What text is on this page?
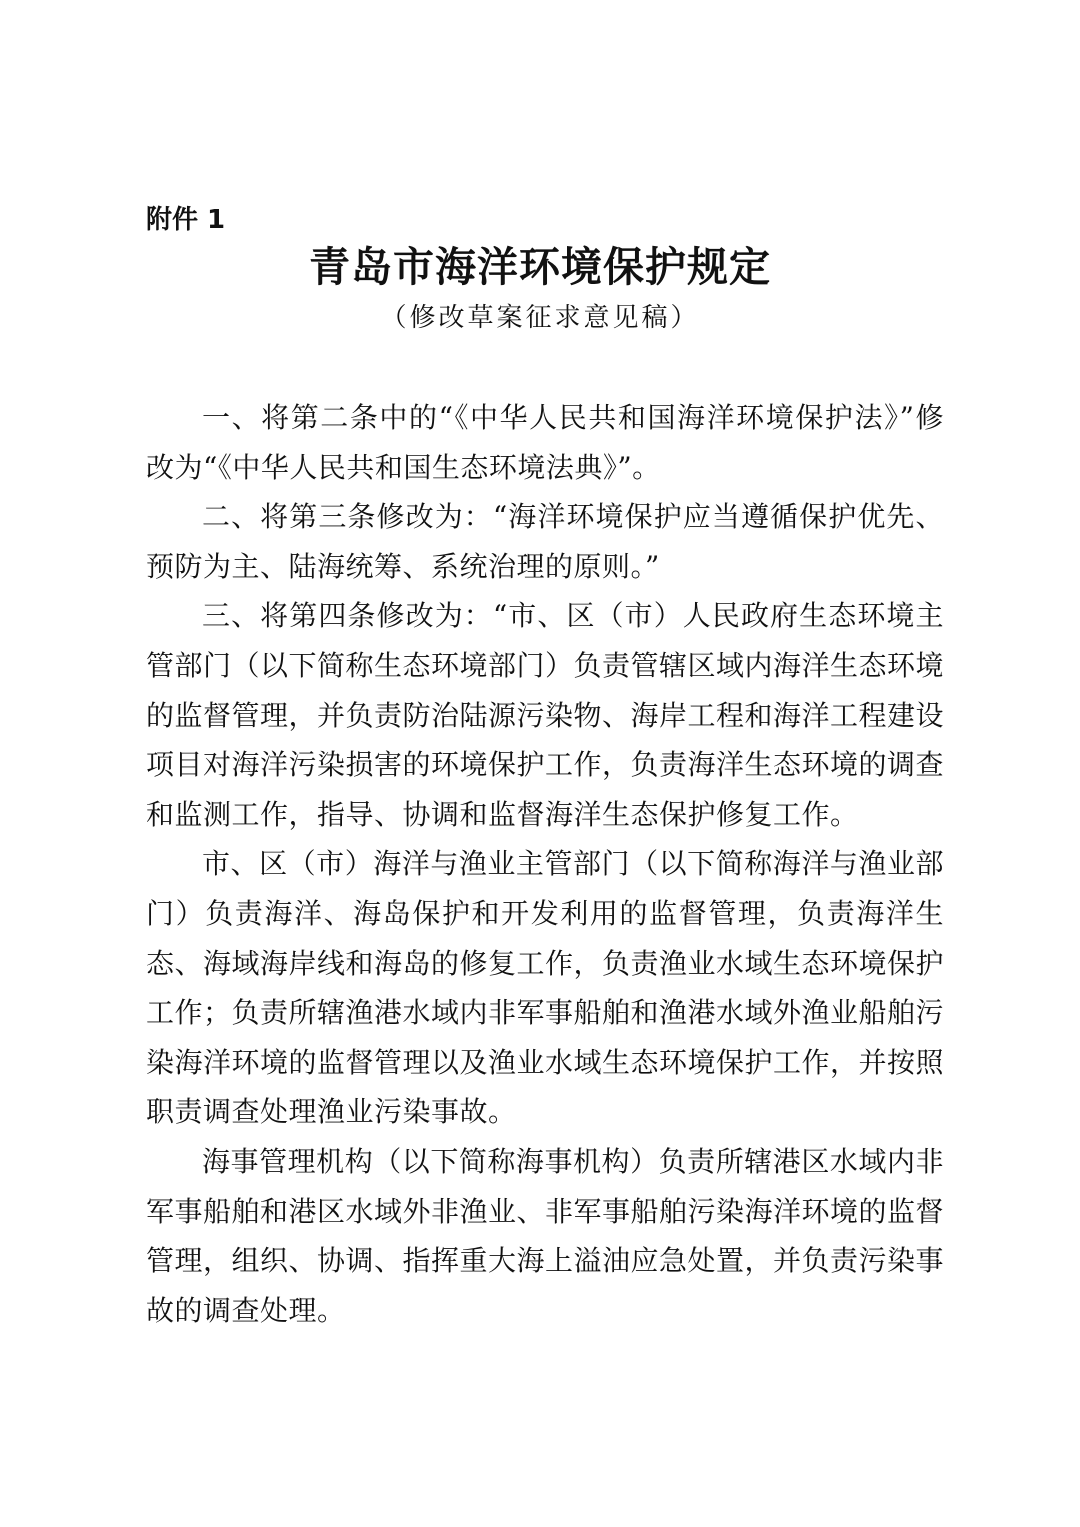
附件 1
青岛市海洋环境保护规定
（修改草案征求意见稿）

一、将第二条中的“《中华人民共和国海洋环境保护法》”修改为“《中华人民共和国生态环境法典》”。

二、将第三条修改为：“海洋环境保护应当遵循保护优先、预防为主、陆海统筹、系统治理的原则。”

三、将第四条修改为：“市、区（市）人民政府生态环境主管部门（以下简称生态环境部门）负责管辖区域内海洋生态环境的监督管理，并负责防治陆源污染物、海岸工程和海洋工程建设项目对海洋污染损害的环境保护工作，负责海洋生态环境的调查和监测工作，指导、协调和监督海洋生态保护修复工作。

市、区（市）海洋与渔业主管部门（以下简称海洋与渔业部门）负责海洋、海岛保护和开发利用的监督管理，负责海洋生态、海域海岸线和海岛的修复工作，负责渔业水域生态环境保护工作；负责所辖渔港水域内非军事船舶和渔港水域外渔业船舶污染海洋环境的监督管理以及渔业水域生态环境保护工作，并按照职责调查处理渔业污染事故。

海事管理机构（以下简称海事机构）负责所辖港区水域内非军事船舶和港区水域外非渔业、非军事船舶污染海洋环境的监督管理，组织、协调、指挥重大海上溢油应急处置，并负责污染事故的调查处理。
